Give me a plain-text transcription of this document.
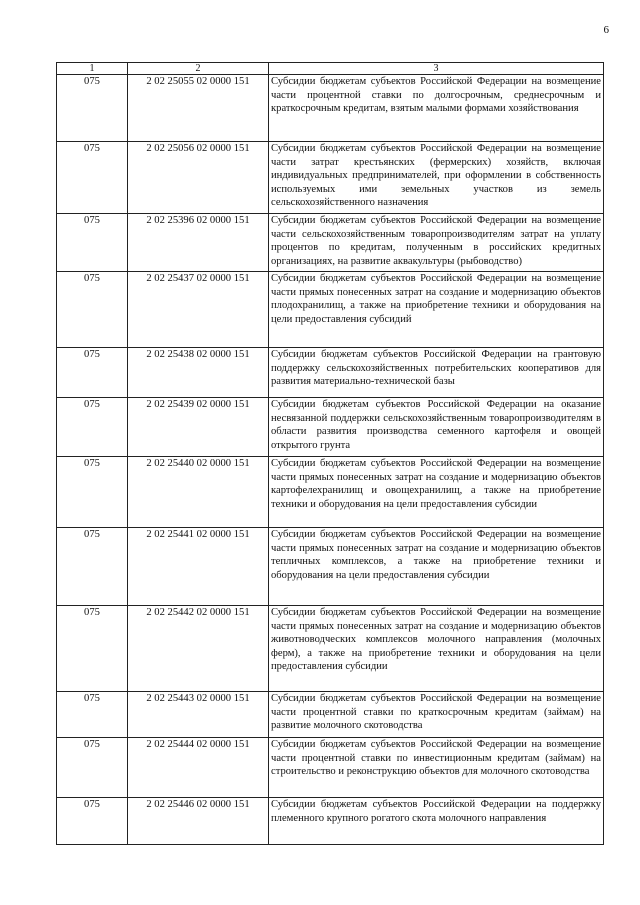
6
1	2	3
075	2 02 25055 02 0000 151	Субсидии бюджетам субъектов Российской Федерации на возмещение части процентной ставки по долгосрочным, среднесрочным и краткосрочным кредитам, взятым малыми формами хозяйствования
075	2 02 25056 02 0000 151	Субсидии бюджетам субъектов Российской Федерации на возмещение части затрат крестьянских (фермерских) хозяйств, включая индивидуальных предпринимателей, при оформлении в собственность используемых ими земельных участков из земель сельскохозяйственного назначения
075	2 02 25396 02 0000 151	Субсидии бюджетам субъектов Российской Федерации на возмещение части сельскохозяйственным товаропроизводителям затрат на уплату процентов по кредитам, полученным в российских кредитных организациях, на развитие аквакультуры (рыбоводство)
075	2 02 25437 02 0000 151	Субсидии бюджетам субъектов Российской Федерации на возмещение части прямых понесенных затрат на создание и модернизацию объектов плодохранилищ, а также на приобретение техники и оборудования на цели предоставления субсидий
075	2 02 25438 02 0000 151	Субсидии бюджетам субъектов Российской Федерации на грантовую поддержку сельскохозяйственных потребительских кооперативов для развития материально-технической базы
075	2 02 25439 02 0000 151	Субсидии бюджетам субъектов Российской Федерации на оказание несвязанной поддержки сельскохозяйственным товаропроизводителям в области развития производства семенного картофеля и овощей открытого грунта
075	2 02 25440 02 0000 151	Субсидии бюджетам субъектов Российской Федерации на возмещение части прямых понесенных затрат на создание и модернизацию объектов картофелехранилищ и овощехранилищ, а также на приобретение техники и оборудования на цели предоставления субсидии
075	2 02 25441 02 0000 151	Субсидии бюджетам субъектов Российской Федерации на возмещение части прямых понесенных затрат на создание и модернизацию объектов тепличных комплексов, а также на приобретение техники и оборудования на цели предоставления субсидии
075	2 02 25442 02 0000 151	Субсидии бюджетам субъектов Российской Федерации на возмещение части прямых понесенных затрат на создание и модернизацию объектов животноводческих комплексов молочного направления (молочных ферм), а также на приобретение техники и оборудования на цели предоставления субсидии
075	2 02 25443 02 0000 151	Субсидии бюджетам субъектов Российской Федерации на возмещение части процентной ставки по краткосрочным кредитам (займам) на развитие молочного скотоводства
075	2 02 25444 02 0000 151	Субсидии бюджетам субъектов Российской Федерации на возмещение части процентной ставки по инвестиционным кредитам (займам) на строительство и реконструкцию объектов для молочного скотоводства
075	2 02 25446 02 0000 151	Субсидии бюджетам субъектов Российской Федерации на поддержку племенного крупного рогатого скота молочного направления
